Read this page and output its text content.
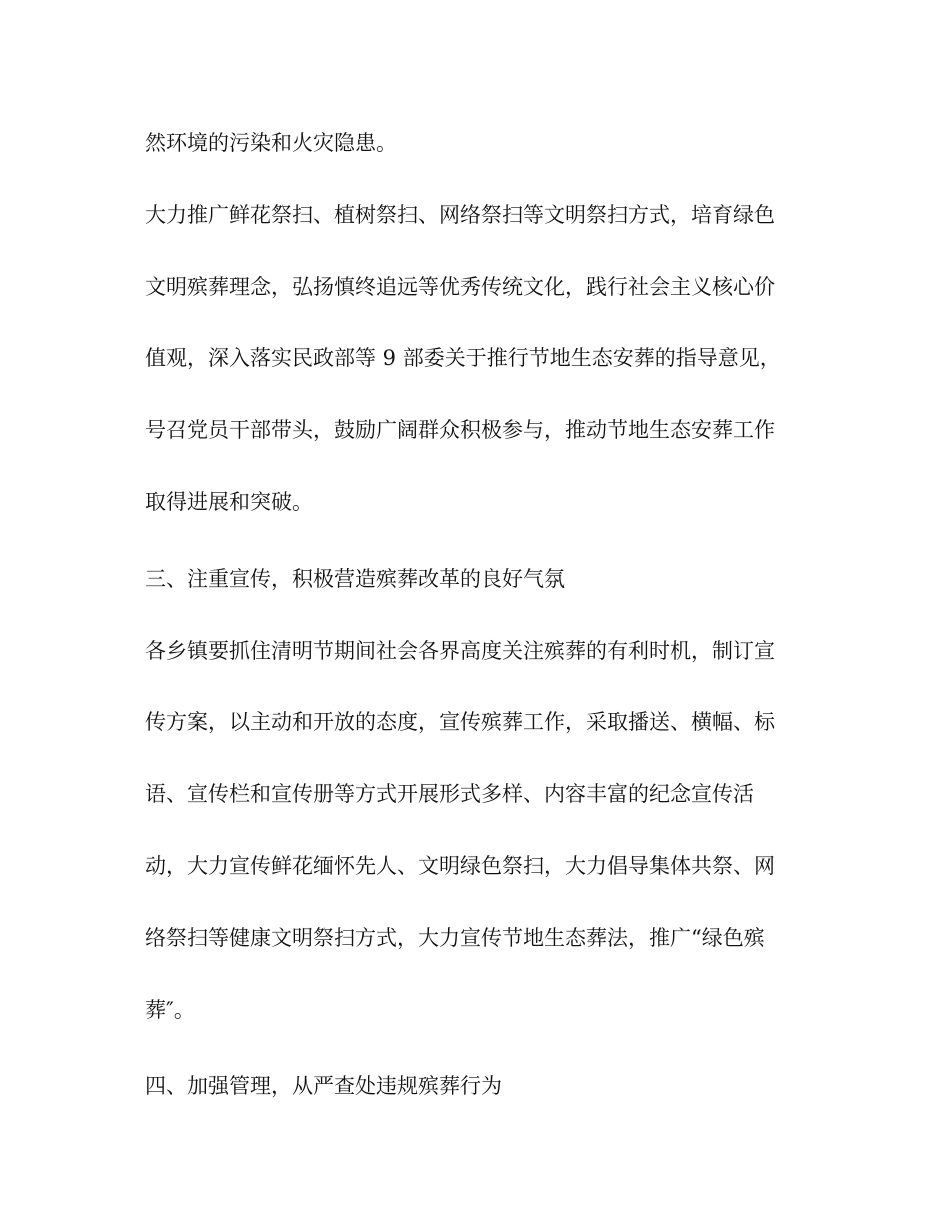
然环境的污染和火灾隐患。
大力推广鲜花祭扫、植树祭扫、网络祭扫等文明祭扫方式，培育绿色
文明殡葬理念，弘扬慎终追远等优秀传统文化，践行社会主义核心价
值观，深入落实民政部等 9 部委关于推行节地生态安葬的指导意见，
号召党员干部带头，鼓励广阔群众积极参与，推动节地生态安葬工作
取得进展和突破。
三、注重宣传，积极营造殡葬改革的良好气氛
各乡镇要抓住清明节期间社会各界高度关注殡葬的有利时机，制订宣
传方案，以主动和开放的态度，宣传殡葬工作，采取播送、横幅、标
语、宣传栏和宣传册等方式开展形式多样、内容丰富的纪念宣传活
动，大力宣传鲜花缅怀先人、文明绿色祭扫，大力倡导集体共祭、网
络祭扫等健康文明祭扫方式，大力宣传节地生态葬法，推广“绿色殡
葬″。
四、加强管理，从严查处违规殡葬行为
